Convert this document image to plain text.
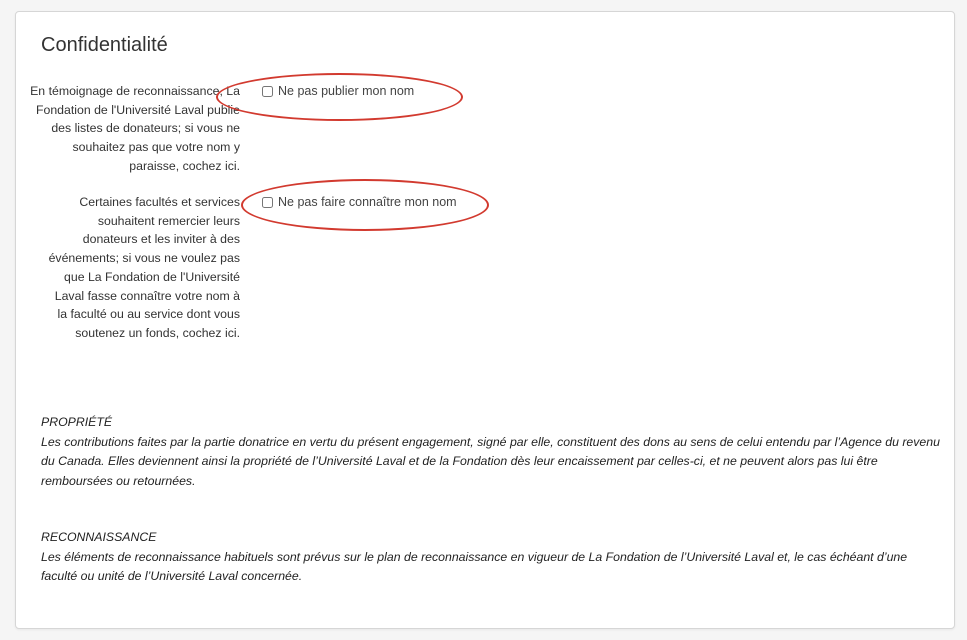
Confidentialité
En témoignage de reconnaissance, La Fondation de l'Université Laval publie des listes de donateurs; si vous ne souhaitez pas que votre nom y paraisse, cochez ici.
Ne pas publier mon nom
Certaines facultés et services souhaitent remercier leurs donateurs et les inviter à des événements; si vous ne voulez pas que La Fondation de l'Université Laval fasse connaître votre nom à la faculté ou au service dont vous soutenez un fonds, cochez ici.
Ne pas faire connaître mon nom
PROPRIÉTÉ
Les contributions faites par la partie donatrice en vertu du présent engagement, signé par elle, constituent des dons au sens de celui entendu par l’Agence du revenu du Canada. Elles deviennent ainsi la propriété de l’Université Laval et de la Fondation dès leur encaissement par celles-ci, et ne peuvent alors pas lui être remboursées ou retournées.
RECONNAISSANCE
Les éléments de reconnaissance habituels sont prévus sur le plan de reconnaissance en vigueur de La Fondation de l’Université Laval et, le cas échéant d’une faculté ou unité de l’Université Laval concernée.
